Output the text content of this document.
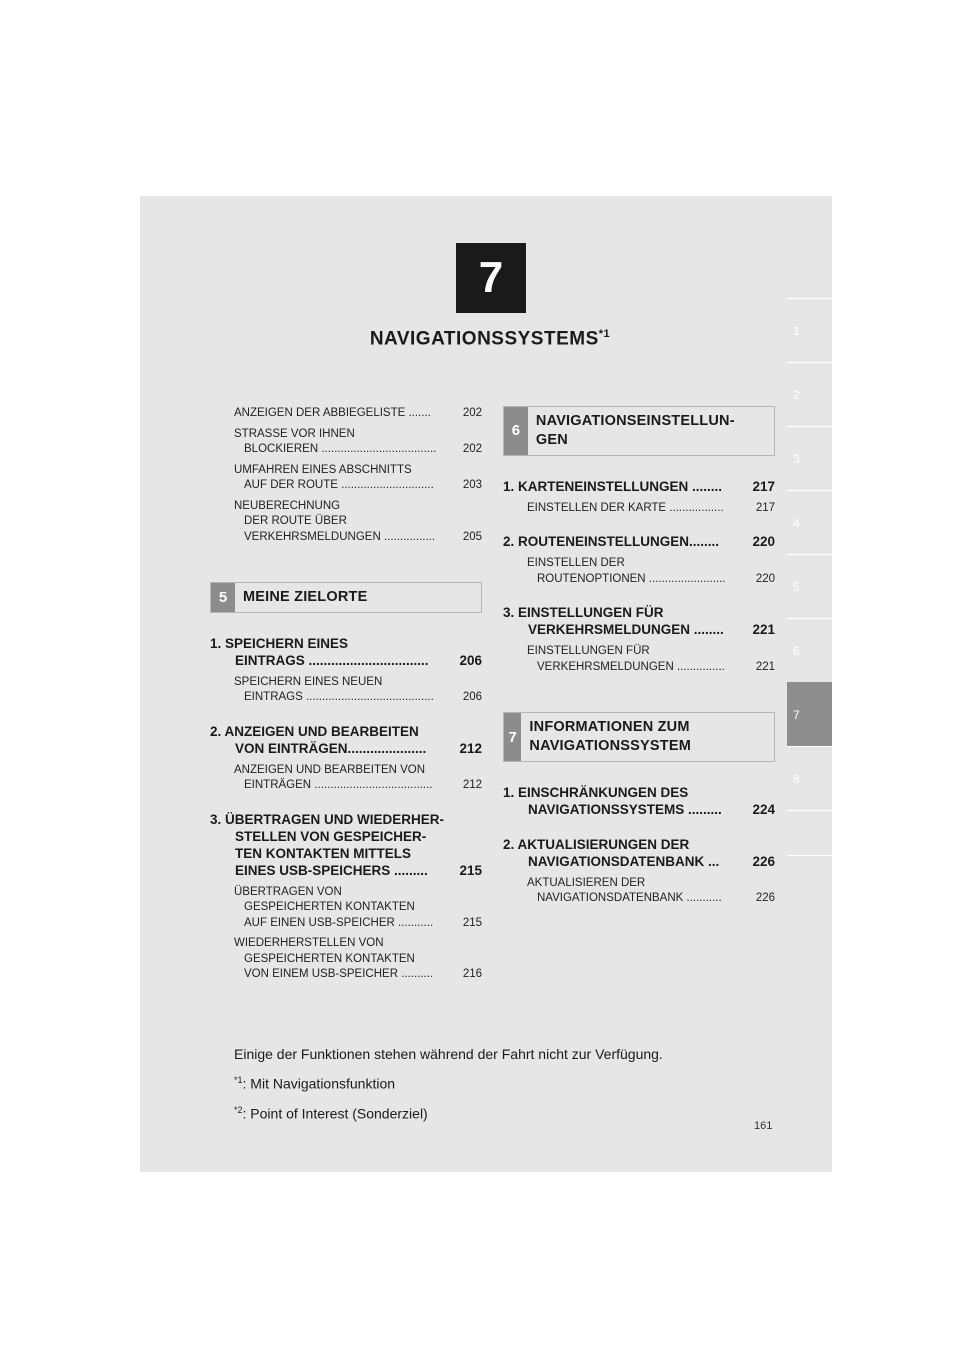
7
NAVIGATIONSSYSTEMS$^{*1}$	1
2
3
4
5
6
7
8
ANZEIGEN DER ABBIEGELISTE .......	202
STRASSE VOR IHNEN
BLOCKIEREN .................................... 202
UMFAHREN EINES ABSCHNITTS
AUF DER ROUTE .............................	203
NEUBERECHNUNG
DER ROUTE ÜBER
VERKEHRSMELDUNGEN ................ 205
5	MEINE ZIELORTE
1. SPEICHERN EINES
EINTRAGS ................................ 206
SPEICHERN EINES NEUEN
EINTRAGS ........................................	206
2. ANZEIGEN UND BEARBEITEN
VON EINTRÄGEN..................... 212
ANZEIGEN UND BEARBEITEN VON
EINTRÄGEN .....................................	212
3. ÜBERTRAGEN UND WIEDERHER-
STELLEN VON GESPEICHER-
TEN KONTAKTEN MITTELS
EINES USB-SPEICHERS ......... 215
ÜBERTRAGEN VON
GESPEICHERTEN KONTAKTEN
AUF EINEN USB-SPEICHER ...........	215
WIEDERHERSTELLEN VON
GESPEICHERTEN KONTAKTEN
VON EINEM USB-SPEICHER ..........	216
6
NAVIGATIONSEINSTELLUN-GEN
1. KARTENEINSTELLUNGEN ........ 217
EINSTELLEN DER KARTE .................	217
2. ROUTENEINSTELLUNGEN........ 220
EINSTELLEN DER
ROUTENOPTIONEN ........................	220
3. EINSTELLUNGEN FÜR
VERKEHRSMELDUNGEN ........ 221
EINSTELLUNGEN FÜR
VERKEHRSMELDUNGEN ...............	221
7
INFORMATIONEN ZUM NAVIGATIONSSYSTEM
1. EINSCHRÄNKUNGEN DES
NAVIGATIONSSYSTEMS ......... 224
2. AKTUALISIERUNGEN DER
NAVIGATIONSDATENBANK ... 226
AKTUALISIEREN DER
NAVIGATIONSDATENBANK ...........	226

Einige der Funktionen stehen während der Fahrt nicht zur Verfügung.

$^{*1}$: Mit Navigationsfunktion

$^{*2}$: Point of Interest (Sonderziel)

161
